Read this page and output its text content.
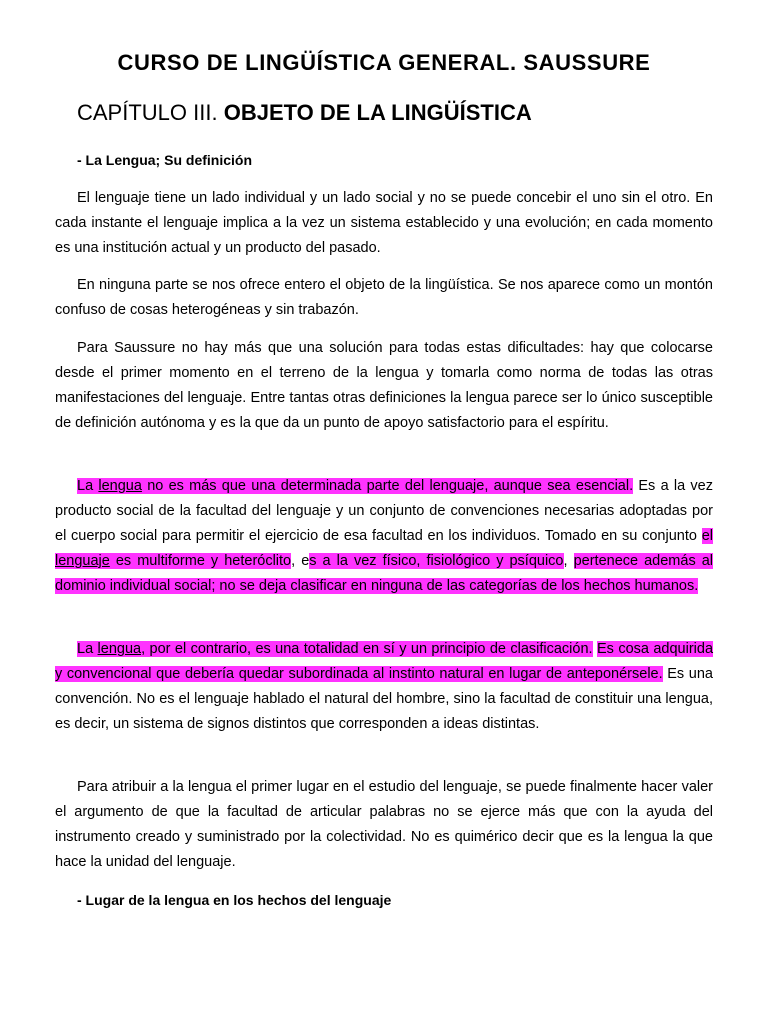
CURSO DE LINGÜÍSTICA GENERAL. SAUSSURE
CAPÍTULO III. OBJETO DE LA LINGÜÍSTICA
- La Lengua; Su definición

El lenguaje tiene un lado individual y un lado social y no se puede concebir el uno sin el otro. En cada instante el lenguaje implica a la vez un sistema establecido y una evolución; en cada momento es una institución actual y un producto del pasado.

En ninguna parte se nos ofrece entero el objeto de la lingüística. Se nos aparece como un montón confuso de cosas heterogéneas y sin trabazón.

Para Saussure no hay más que una solución para todas estas dificultades: hay que colocarse desde el primer momento en el terreno de la lengua y tomarla como norma de todas las otras manifestaciones del lenguaje. Entre tantas otras definiciones la lengua parece ser lo único susceptible de definición autónoma y es la que da un punto de apoyo satisfactorio para el espíritu.

La lengua no es más que una determinada parte del lenguaje, aunque sea esencial. Es a la vez producto social de la facultad del lenguaje y un conjunto de convenciones necesarias adoptadas por el cuerpo social para permitir el ejercicio de esa facultad en los individuos. Tomado en su conjunto el lenguaje es multiforme y heteróclito, es a la vez físico, fisiológico y psíquico, pertenece además al dominio individual social; no se deja clasificar en ninguna de las categorías de los hechos humanos.

La lengua, por el contrario, es una totalidad en sí y un principio de clasificación. Es cosa adquirida y convencional que debería quedar subordinada al instinto natural en lugar de anteponérsele. Es una convención. No es el lenguaje hablado el natural del hombre, sino la facultad de constituir una lengua, es decir, un sistema de signos distintos que corresponden a ideas distintas.

Para atribuir a la lengua el primer lugar en el estudio del lenguaje, se puede finalmente hacer valer el argumento de que la facultad de articular palabras no se ejerce más que con la ayuda del instrumento creado y suministrado por la colectividad. No es quimérico decir que es la lengua la que hace la unidad del lenguaje.

- Lugar de la lengua en los hechos del lenguaje
